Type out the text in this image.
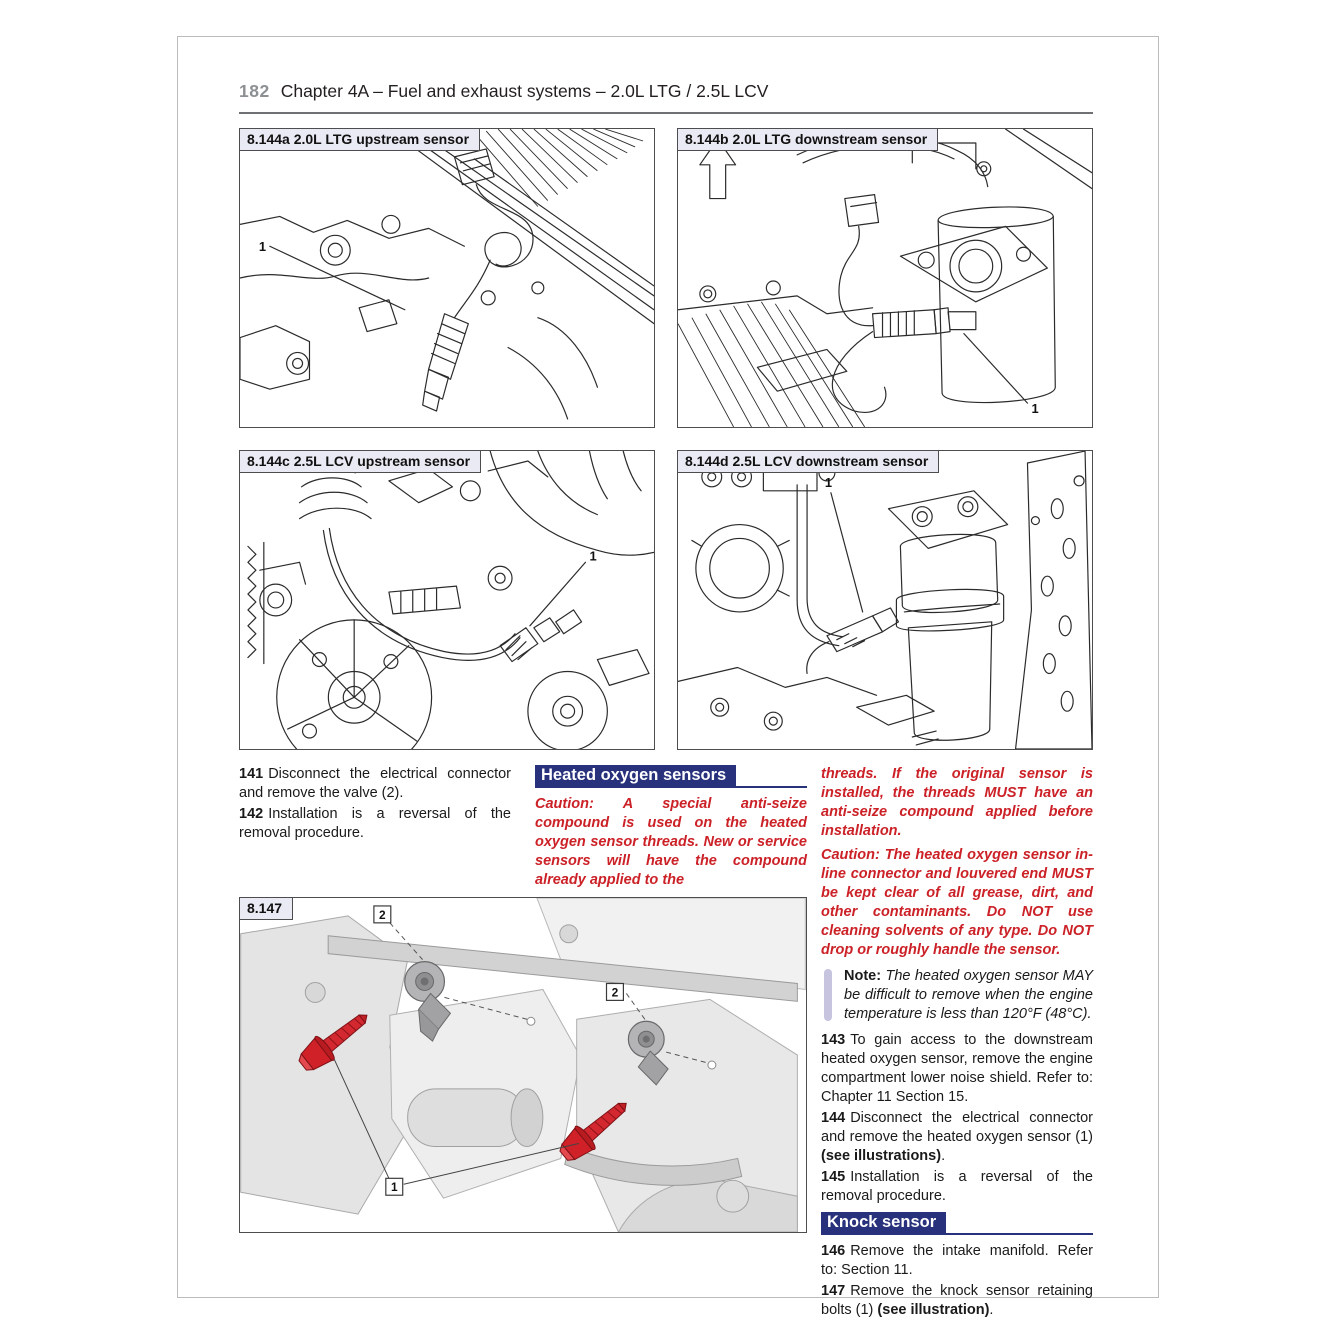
182 Chapter 4A – Fuel and exhaust systems – 2.0L LTG / 2.5L LCV
8.144a 2.0L LTG upstream sensor
1
8.144b 2.0L LTG downstream sensor
1
8.144c 2.5L LCV upstream sensor
1
8.144d 2.5L LCV downstream sensor
1

141 Disconnect the electrical connector and remove the valve (2).

142 Installation is a reversal of the removal procedure.

Heated oxygen sensors

Caution: A special anti-seize compound is used on the heated oxygen sensor threads. New or service sensors will have the compound already applied to the

8.147	2
2
1

threads. If the original sensor is installed, the threads MUST have an anti-seize compound applied before installation.

Caution: The heated oxygen sensor in-line connector and louvered end MUST be kept clear of all grease, dirt, and other contaminants. Do NOT use cleaning solvents of any type. Do NOT drop or roughly handle the sensor.

Note: The heated oxygen sensor MAY be difficult to remove when the engine temperature is less than 120°F (48°C).

143 To gain access to the downstream heated oxygen sensor, remove the engine compartment lower noise shield. Refer to: Chapter 11 Section 15.

144 Disconnect the electrical connector and remove the heated oxygen sensor (1) (see illustrations).

145 Installation is a reversal of the removal procedure.

Knock sensor

146 Remove the intake manifold. Refer to: Section 11.

147 Remove the knock sensor retaining bolts (1) (see illustration).
